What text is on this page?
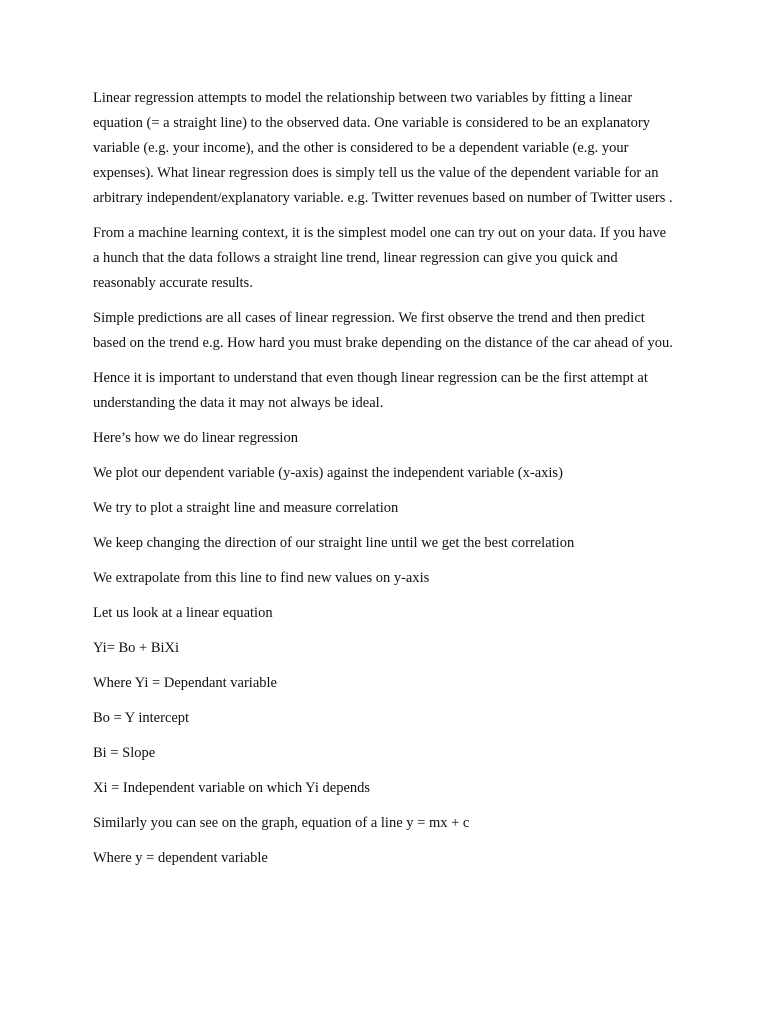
Linear regression attempts to model the relationship between two variables by fitting a linear equation (= a straight line) to the observed data. One variable is considered to be an explanatory variable (e.g. your income), and the other is considered to be a dependent variable (e.g. your expenses). What linear regression does is simply tell us the value of the dependent variable for an arbitrary independent/explanatory variable. e.g. Twitter revenues based on number of Twitter users .

From a machine learning context, it is the simplest model one can try out on your data. If you have a hunch that the data follows a straight line trend, linear regression can give you quick and reasonably accurate results.

Simple predictions are all cases of linear regression. We first observe the trend and then predict based on the trend e.g. How hard you must brake depending on the distance of the car ahead of you.

Hence it is important to understand that even though linear regression can be the first attempt at understanding the data it may not always be ideal.

Here’s how we do linear regression

We plot our dependent variable (y-axis) against the independent variable (x-axis)

We try to plot a straight line and measure correlation

We keep changing the direction of our straight line until we get the best correlation

We extrapolate from this line to find new values on y-axis

Let us look at a linear equation

Yi= Bo + BiXi

Where Yi = Dependant variable

Bo = Y intercept

Bi = Slope

Xi = Independent variable on which Yi depends

Similarly you can see on the graph, equation of a line y = mx + c

Where y = dependent variable
